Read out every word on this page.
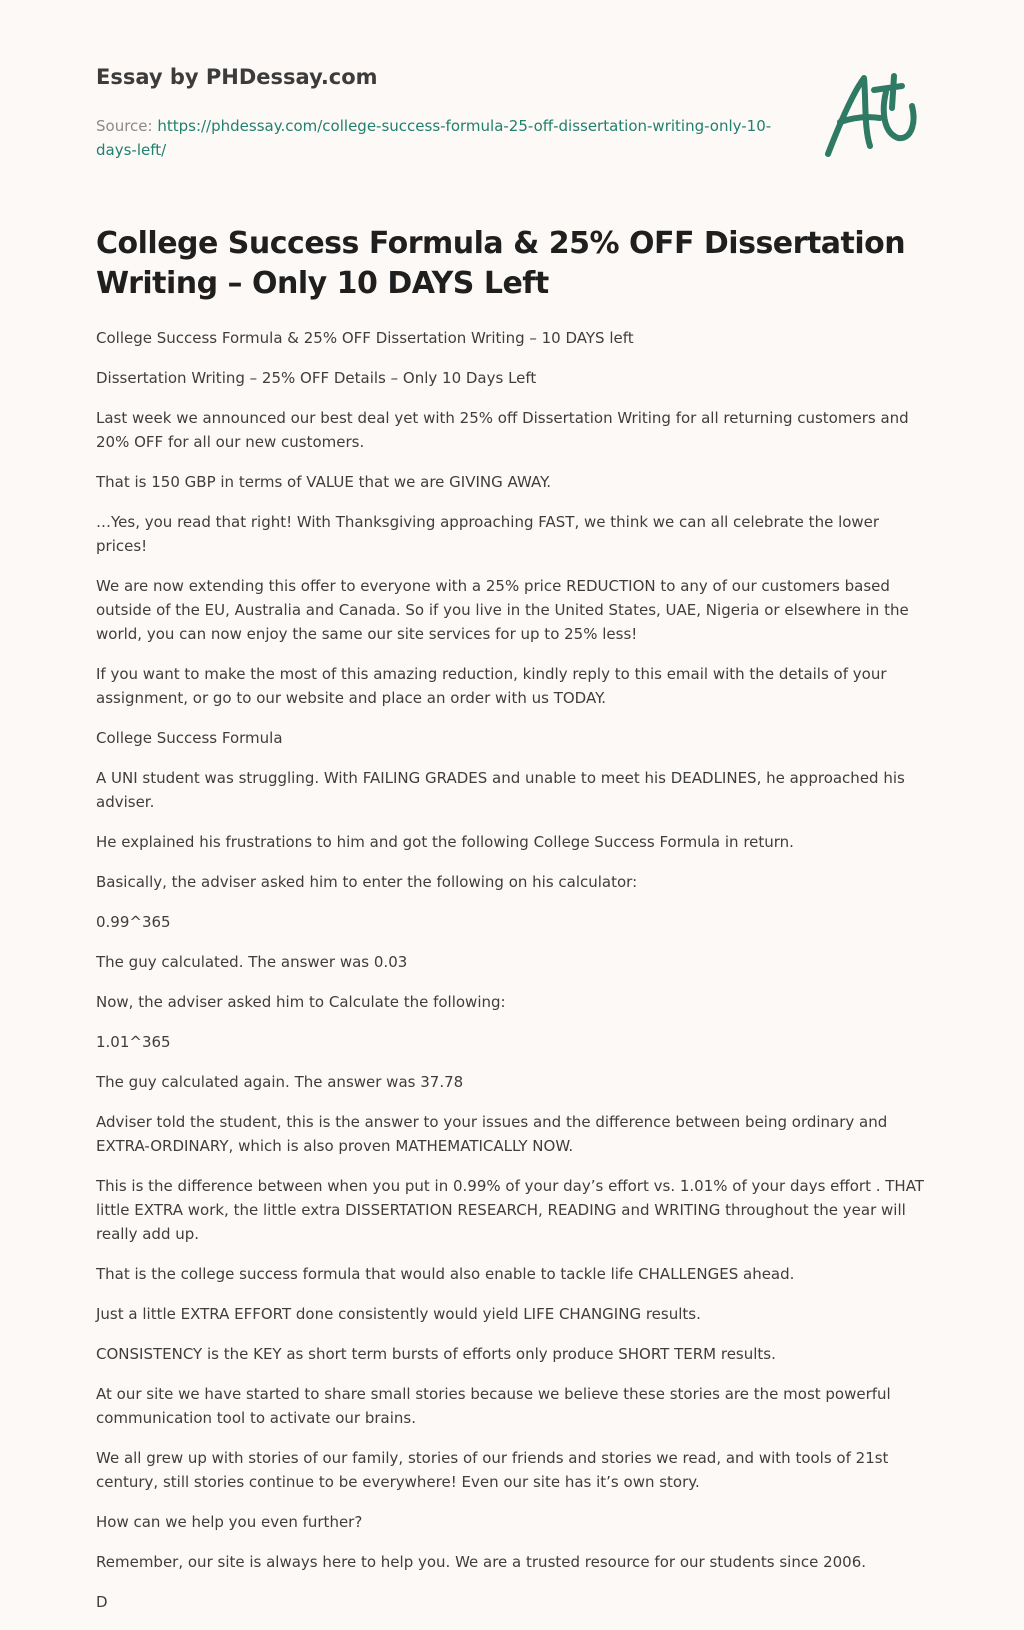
Essay by PHDessay.com
Source: https://phdessay.com/college-success-formula-25-off-dissertation-writing-only-10-days-left/
College Success Formula & 25% OFF Dissertation Writing – Only 10 DAYS Left

College Success Formula & 25% OFF Dissertation Writing – 10 DAYS left

Dissertation Writing – 25% OFF Details – Only 10 Days Left

Last week we announced our best deal yet with 25% off Dissertation Writing for all returning customers and 20% OFF for all our new customers.

That is 150 GBP in terms of VALUE that we are GIVING AWAY.

…Yes, you read that right! With Thanksgiving approaching FAST, we think we can all celebrate the lower prices!

We are now extending this offer to everyone with a 25% price REDUCTION to any of our customers based outside of the EU, Australia and Canada. So if you live in the United States, UAE, Nigeria or elsewhere in the world, you can now enjoy the same our site services for up to 25% less!

If you want to make the most of this amazing reduction, kindly reply to this email with the details of your assignment, or go to our website and place an order with us TODAY.

College Success Formula

A UNI student was struggling. With FAILING GRADES and unable to meet his DEADLINES, he approached his adviser.

He explained his frustrations to him and got the following College Success Formula in return.

Basically, the adviser asked him to enter the following on his calculator:

0.99^365

The guy calculated. The answer was 0.03

Now, the adviser asked him to Calculate the following:

1.01^365

The guy calculated again. The answer was 37.78

Adviser told the student, this is the answer to your issues and the difference between being ordinary and EXTRA-ORDINARY, which is also proven MATHEMATICALLY NOW.

This is the difference between when you put in 0.99% of your day’s effort vs. 1.01% of your days effort . THAT little EXTRA work, the little extra DISSERTATION RESEARCH, READING and WRITING throughout the year will really add up.

That is the college success formula that would also enable to tackle life CHALLENGES ahead.

Just a little EXTRA EFFORT done consistently would yield LIFE CHANGING results.

CONSISTENCY is the KEY as short term bursts of efforts only produce SHORT TERM results.

At our site we have started to share small stories because we believe these stories are the most powerful communication tool to activate our brains.

We all grew up with stories of our family, stories of our friends and stories we read, and with tools of 21st century, still stories continue to be everywhere! Even our site has it’s own story.

How can we help you even further?

Remember, our site is always here to help you. We are a trusted resource for our students since 2006.

D
